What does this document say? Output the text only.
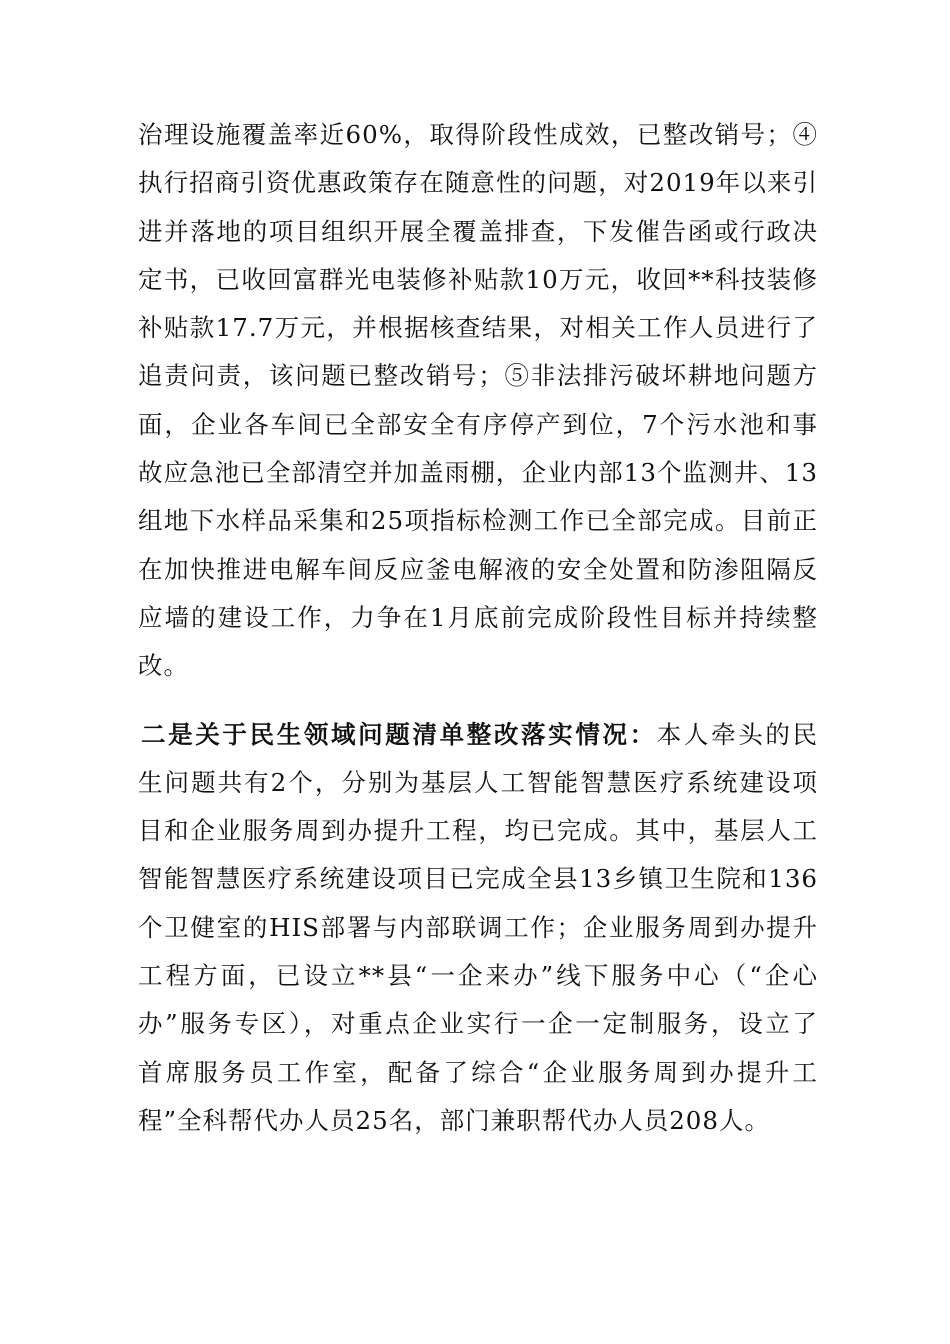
治理设施覆盖率近60%，取得阶段性成效，已整改销号；④
执行招商引资优惠政策存在随意性的问题，对2019年以来引
进并落地的项目组织开展全覆盖排查，下发催告函或行政决
定书，已收回富群光电装修补贴款10万元，收回**科技装修
补贴款17.7万元，并根据核查结果，对相关工作人员进行了
追责问责，该问题已整改销号；⑤非法排污破坏耕地问题方
面，企业各车间已全部安全有序停产到位，7个污水池和事
故应急池已全部清空并加盖雨棚，企业内部13个监测井、13
组地下水样品采集和25项指标检测工作已全部完成。目前正
在加快推进电解车间反应釜电解液的安全处置和防渗阻隔反
应墙的建设工作，力争在1月底前完成阶段性目标并持续整
改。
二是关于民生领域问题清单整改落实情况：本人牵头的民
生问题共有2个，分别为基层人工智能智慧医疗系统建设项
目和企业服务周到办提升工程，均已完成。其中，基层人工
智能智慧医疗系统建设项目已完成全县13乡镇卫生院和136
个卫健室的HIS部署与内部联调工作；企业服务周到办提升
工程方面，已设立**县“一企来办”线下服务中心（“企心
办”服务专区），对重点企业实行一企一定制服务，设立了
首席服务员工作室，配备了综合“企业服务周到办提升工
程”全科帮代办人员25名，部门兼职帮代办人员208人。
